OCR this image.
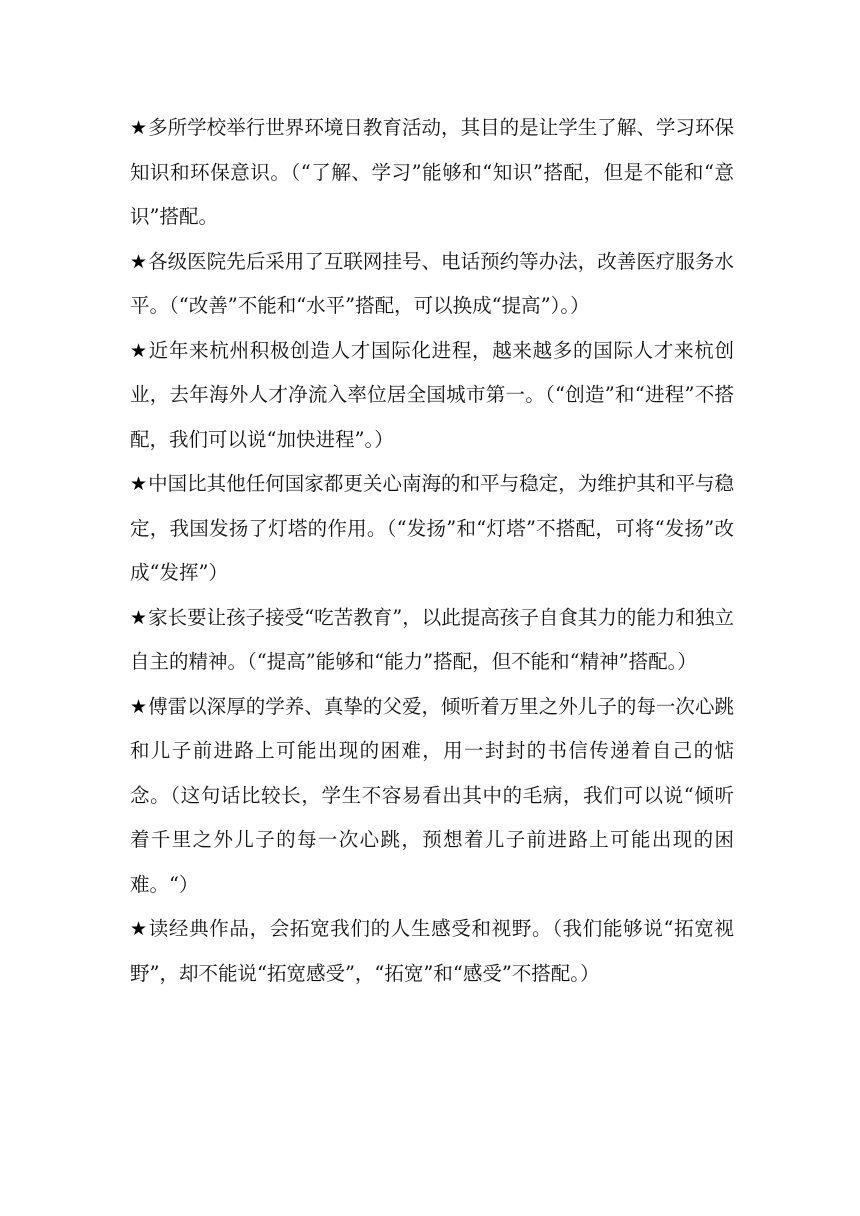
★多所学校举行世界环境日教育活动，其目的是让学生了解、学习环保知识和环保意识。（“了解、学习”能够和“知识”搭配，但是不能和“意识”搭配。

★各级医院先后采用了互联网挂号、电话预约等办法，改善医疗服务水平。（“改善”不能和“水平”搭配，可以换成“提高”）。）

★近年来杭州积极创造人才国际化进程，越来越多的国际人才来杭创业，去年海外人才净流入率位居全国城市第一。（“创造”和“进程”不搭配，我们可以说“加快进程”。）

★中国比其他任何国家都更关心南海的和平与稳定，为维护其和平与稳定，我国发扬了灯塔的作用。（“发扬”和“灯塔”不搭配，可将“发扬”改成“发挥”）

★家长要让孩子接受“吃苦教育”，以此提高孩子自食其力的能力和独立自主的精神。（“提高”能够和“能力”搭配，但不能和“精神”搭配。）

★傅雷以深厚的学养、真挚的父爱，倾听着万里之外儿子的每一次心跳和儿子前进路上可能出现的困难，用一封封的书信传递着自己的惦念。（这句话比较长，学生不容易看出其中的毛病，我们可以说“倾听着千里之外儿子的每一次心跳，预想着儿子前进路上可能出现的困难。“）

★读经典作品，会拓宽我们的人生感受和视野。（我们能够说“拓宽视野”，却不能说“拓宽感受”，“拓宽”和“感受”不搭配。）
